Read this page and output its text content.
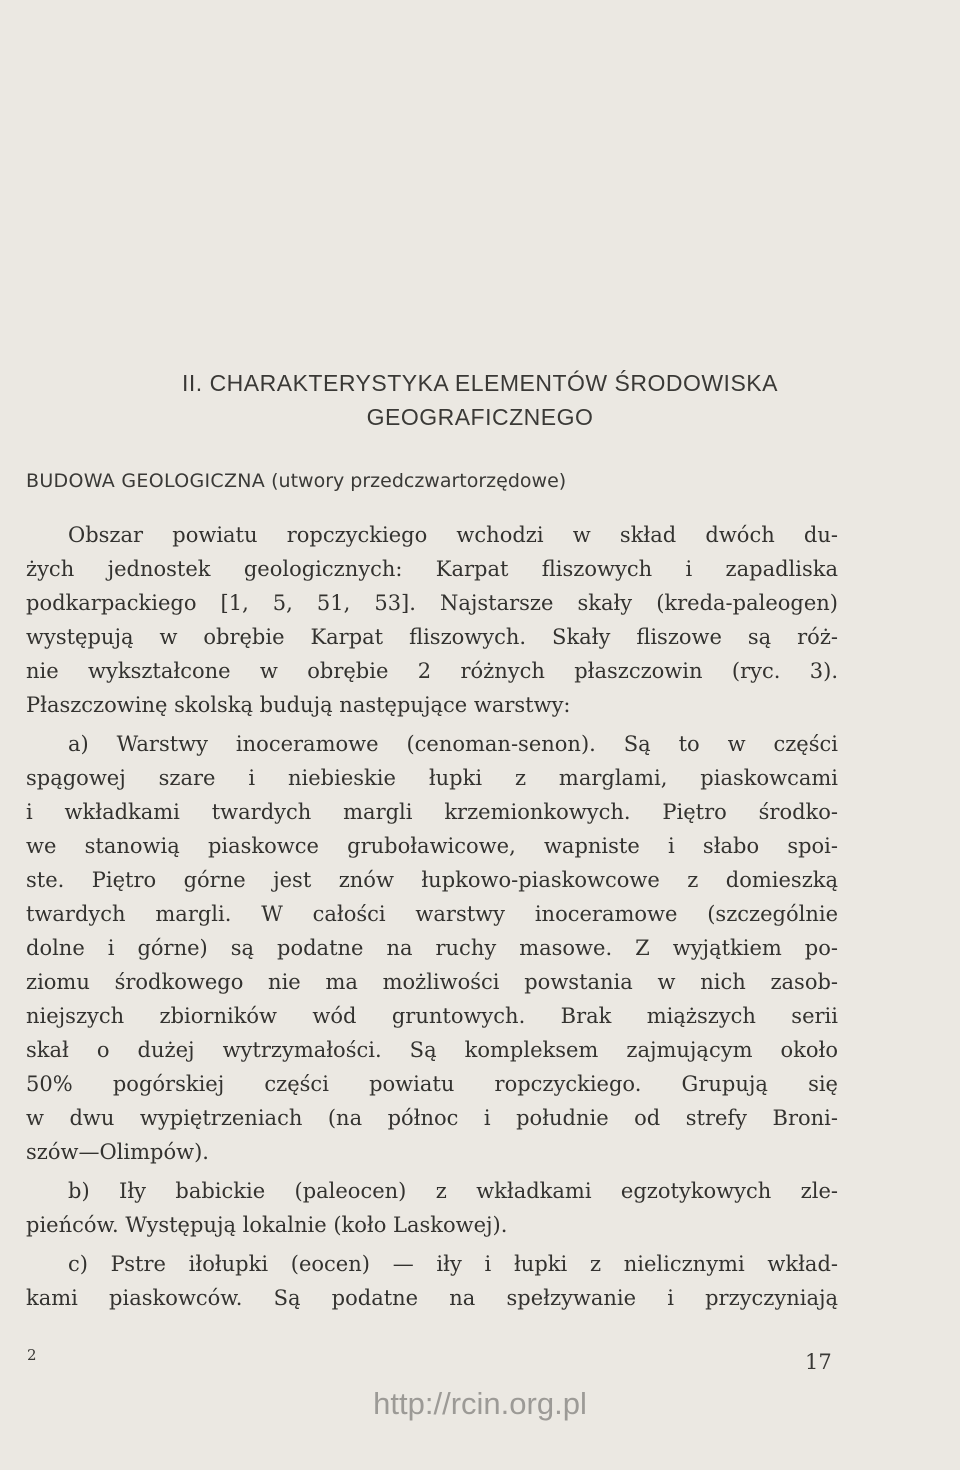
II. CHARAKTERYSTYKA ELEMENTÓW ŚRODOWISKA
GEOGRAFICZNEGO
BUDOWA GEOLOGICZNA (utwory przedczwartorzędowe)
Obszar powiatu ropczyckiego wchodzi w skład dwóch du-
żych jednostek geologicznych: Karpat fliszowych i zapadliska
podkarpackiego [1, 5, 51, 53]. Najstarsze skały (kreda-paleogen)
występują w obrębie Karpat fliszowych. Skały fliszowe są róż-
nie wykształcone w obrębie 2 różnych płaszczowin (ryc. 3).
Płaszczowinę skolską budują następujące warstwy:
a) Warstwy inoceramowe (cenoman-senon). Są to w części
spągowej szare i niebieskie łupki z marglami, piaskowcami
i wkładkami twardych margli krzemionkowych. Piętro środko-
we stanowią piaskowce gruboławicowe, wapniste i słabo spoi-
ste. Piętro górne jest znów łupkowo-piaskowcowe z domieszką
twardych margli. W całości warstwy inoceramowe (szczególnie
dolne i górne) są podatne na ruchy masowe. Z wyjątkiem po-
ziomu środkowego nie ma możliwości powstania w nich zasob-
niejszych zbiorników wód gruntowych. Brak miąższych serii
skał o dużej wytrzymałości. Są kompleksem zajmującym około
50% pogórskiej części powiatu ropczyckiego. Grupują się
w dwu wypiętrzeniach (na północ i południe od strefy Broni-
szów—Olimpów).
b) Iły babickie (paleocen) z wkładkami egzotykowych zle-
pieńców. Występują lokalnie (koło Laskowej).
c) Pstre iłołupki (eocen) — iły i łupki z nielicznymi wkład-
kami piaskowców. Są podatne na spełzywanie i przyczyniają
2	17
http://rcin.org.pl
